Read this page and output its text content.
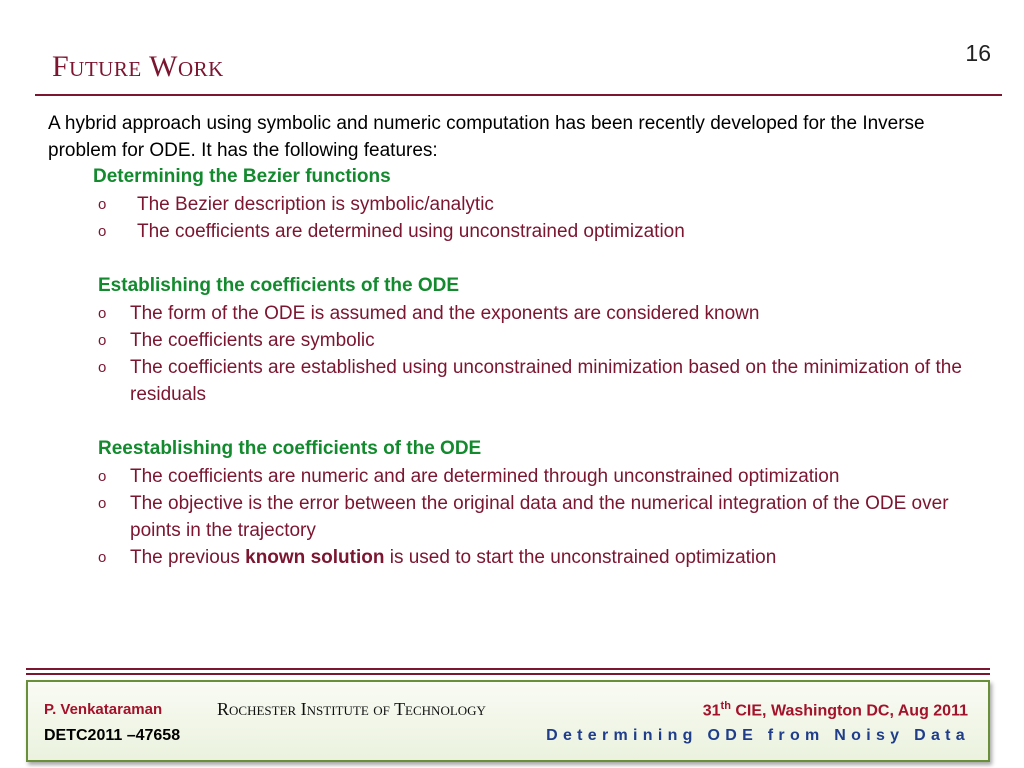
16
Future Work
A hybrid approach using symbolic and numeric computation has been recently developed for the Inverse problem for ODE. It has the following features:
Determining the Bezier functions
o	The Bezier description is symbolic/analytic
o	The coefficients are determined using unconstrained optimization
Establishing the coefficients of the ODE
o	The form of the ODE is assumed and the exponents are considered known
o	The coefficients are symbolic
o	The coefficients are established using unconstrained minimization based on the minimization of the residuals
Reestablishing the coefficients of the ODE
o	The coefficients are numeric and are determined through unconstrained optimization
o	The objective is the error between the original data and the numerical integration of the ODE over points in the trajectory
o	The previous known solution is used to start the unconstrained optimization
P. Venkataraman	Rochester Institute of Technology	31th CIE, Washington DC, Aug 2011
DETC2011 –47658	Determining ODE from Noisy Data
